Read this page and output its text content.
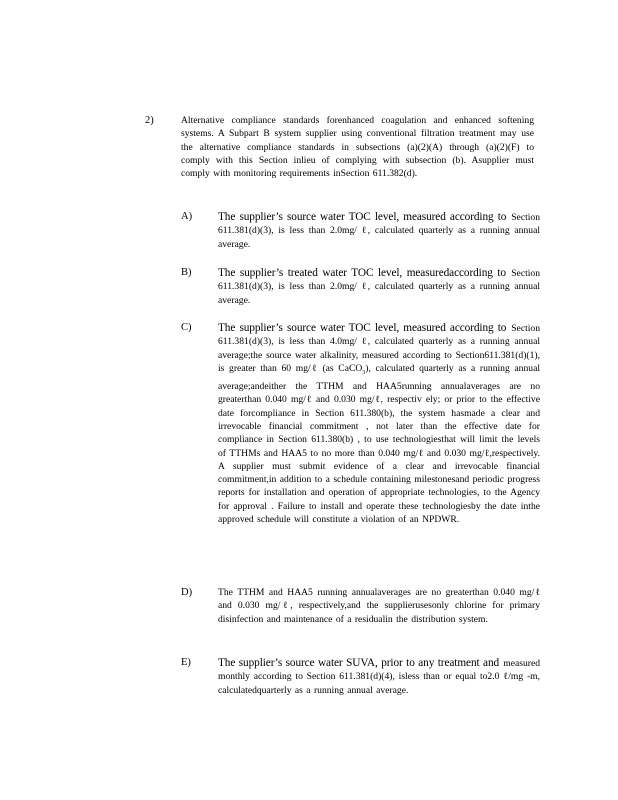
2)	Alternative compliance standards forenhanced coagulation and enhanced softening systems. A Subpart B system supplier using conventional filtration treatment may use the alternative compliance standards in subsections (a)(2)(A) through (a)(2)(F) to comply with this Section inlieu of complying with subsection (b). Asupplier must comply with monitoring requirements inSection 611.382(d).
A) The supplier’s source water TOC level, measured according to Section 611.381(d)(3), is less than 2.0mg/ ℓ, calculated quarterly as a running annual average.
B) The supplier’s treated water TOC level, measuredaccording to Section 611.381(d)(3), is less than 2.0mg/ ℓ, calculated quarterly as a running annual average.
C) The supplier’s source water TOC level, measured according to Section 611.381(d)(3), is less than 4.0mg/ ℓ, calculated quarterly as a running annual average;the source water alkalinity, measured according to Section611.381(d)(1), is greater than 60 mg/ℓ (as CaCO$_3$), calculated quarterly as a running annual average;andeither the TTHM and HAA5running annualaverages are no greaterthan 0.040 mg/ℓ and 0.030 mg/ℓ, respectiv ely; or prior to the effective date forcompliance in Section 611.380(b), the system hasmade a clear and irrevocable financial commitment , not later than the effective date for compliance in Section 611.380(b) , to use technologiesthat will limit the levels of TTHMs and HAA5 to no more than 0.040 mg/ℓ and 0.030 mg/ℓ,respectively. A supplier must submit evidence of a clear and irrevocable financial commitment,in addition to a schedule containing milestonesand periodic progress reports for installation and operation of appropriate technologies, to the Agency for approval . Failure to install and operate these technologiesby the date inthe approved schedule will constitute a violation of an NPDWR.
D)	The TTHM and HAA5 running annualaverages are no greaterthan 0.040 mg/ℓ and 0.030 mg/ℓ, respectively,and the supplierusesonly chlorine for primary disinfection and maintenance of a residualin the distribution system.
E) The supplier’s source water SUVA, prior to any treatment and measured monthly according to Section 611.381(d)(4), isless than or equal to2.0 ℓ/mg -m, calculatedquarterly as a running annual average.
